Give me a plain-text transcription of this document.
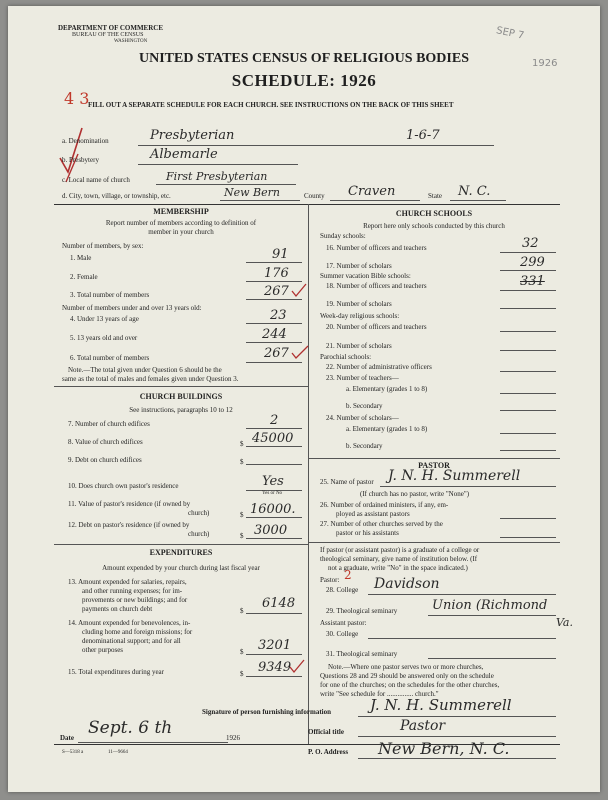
DEPARTMENT OF COMMERCE
BUREAU OF THE CENSUS
WASHINGTON	SEP 7
1926
UNITED STATES CENSUS OF RELIGIOUS BODIES
SCHEDULE: 1926
4 3
FILL OUT A SEPARATE SCHEDULE FOR EACH CHURCH. SEE INSTRUCTIONS ON THE BACK OF THIS SHEET
a. Denomination	Presbyterian	1-6-7
b. Presbytery	Albemarle
c. Local name of church	First Presbyterian
d. City, town, village, or township, etc.	New Bern	County Craven	State N. C.
MEMBERSHIP
Report number of members according to definition of
member in your church
Number of members, by sex:
1. Male	91
2. Female	176
3. Total number of members	267
Number of members under and over 13 years old:
4. Under 13 years of age	23
5. 13 years old and over	244
6. Total number of members	267
Note.—The total given under Question 6 should be the
same as the total of males and females given under Question 3.
CHURCH BUILDINGS
See instructions, paragraphs 10 to 12
7. Number of church edifices	2
8. Value of church edifices	$ 45000
9. Debt on church edifices	$
10. Does church own pastor's residence	Yes
Yes or No
11. Value of pastor's residence (if owned by
church)	$ 16000.
12. Debt on pastor's residence (if owned by
church)	$ 3000
EXPENDITURES
Amount expended by your church during last fiscal year
13. Amount expended for salaries, repairs,
and other running expenses; for im-
provements or new buildings; and for
payments on church debt	$ 6148
14. Amount expended for benevolences, in-
cluding home and foreign missions; for
denominational support; and for all
other purposes	$ 3201
15. Total expenditures during year	$ 9349
CHURCH SCHOOLS
Report here only schools conducted by this church
Sunday schools:
16. Number of officers and teachers	32
17. Number of scholars	299
Summer vacation Bible schools:
18. Number of officers and teachers	331
19. Number of scholars
Week-day religious schools:
20. Number of officers and teachers
21. Number of scholars
Parochial schools:
22. Number of administrative officers
23. Number of teachers—
a. Elementary (grades 1 to 8)
b. Secondary
24. Number of scholars—
a. Elementary (grades 1 to 8)
b. Secondary
PASTOR
25. Name of pastor J. N. H. Summerell
(If church has no pastor, write "None")
26. Number of ordained ministers, if any, em-
ployed as assistant pastors
27. Number of other churches served by the
pastor or his assistants
If pastor (or assistant pastor) is a graduate of a college or
theological seminary, give name of institution below. (If
not a graduate, write "No" in the space indicated.)
Pastor: 2
28. College Davidson
29. Theological seminary	Union (Richmond
Va.
Assistant pastor:
30. College
31. Theological seminary
Note.—Where one pastor serves two or more churches,
Questions 28 and 29 should be answered only on the schedule
for one of the churches; on the schedules for the other churches,
write "See schedule for ............... church."
Signature of person furnishing information	J. N. H. Summerell
Official title	Pastor
Date Sept. 6 th	1926
P. O. Address New Bern, N. C.
S—5318 a	11—9664
